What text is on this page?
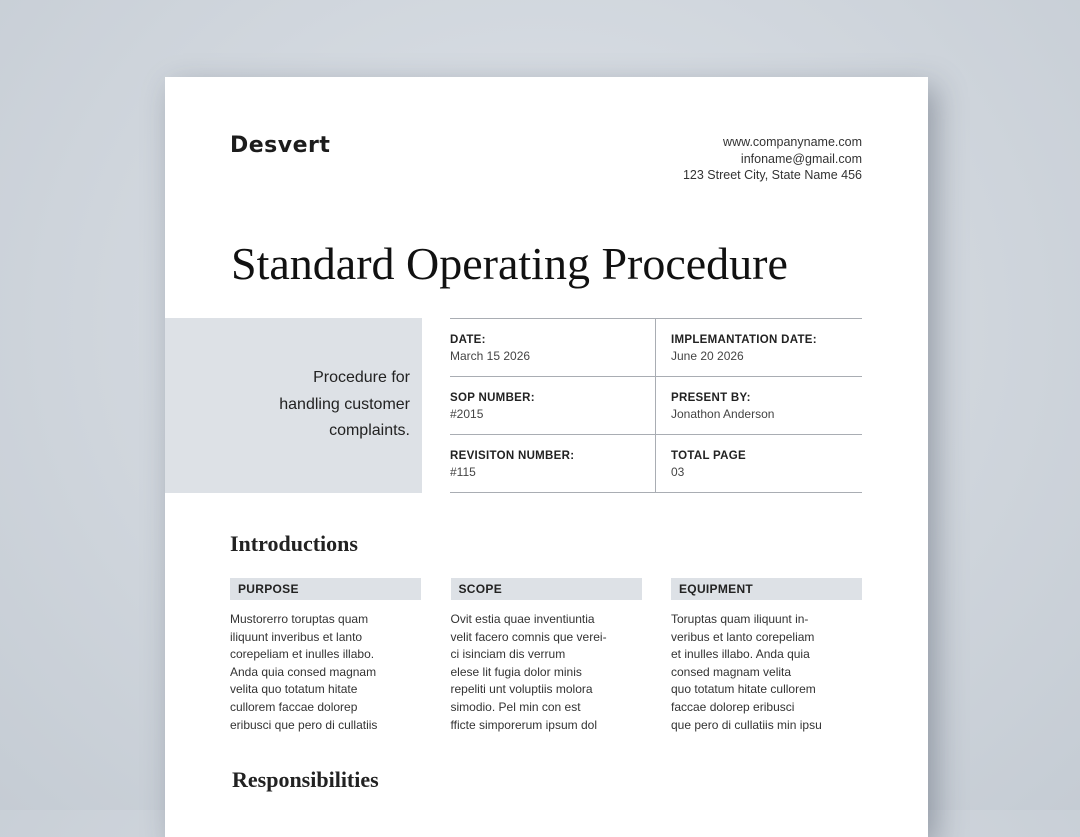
Desvert	www.companyname.com
infoname@gmail.com
123 Street City, State Name 456
Standard Operating Procedure
Procedure for
handling customer
complaints.
DATE:
March 15 2026
IMPLEMANTATION DATE:
June 20 2026
SOP NUMBER:
#2015
PRESENT BY:
Jonathon Anderson
REVISITON NUMBER:
#115
TOTAL PAGE
03
Introductions
PURPOSE
Mustorerro toruptas quam
iliquunt inveribus et lanto
corepeliam et inulles illabo.
Anda quia consed magnam
velita quo totatum hitate
cullorem faccae dolorep
eribusci que pero di cullatiis
SCOPE
Ovit estia quae inventiuntia
velit facero comnis que verei-
ci isinciam dis verrum
elese lit fugia dolor minis
repeliti unt voluptiis molora
simodio. Pel min con est
fficte simporerum ipsum dol
EQUIPMENT
Toruptas quam iliquunt in-
veribus et lanto corepeliam
et inulles illabo. Anda quia
consed magnam velita
quo totatum hitate cullorem
faccae dolorep eribusci
que pero di cullatiis min ipsu
Responsibilities
